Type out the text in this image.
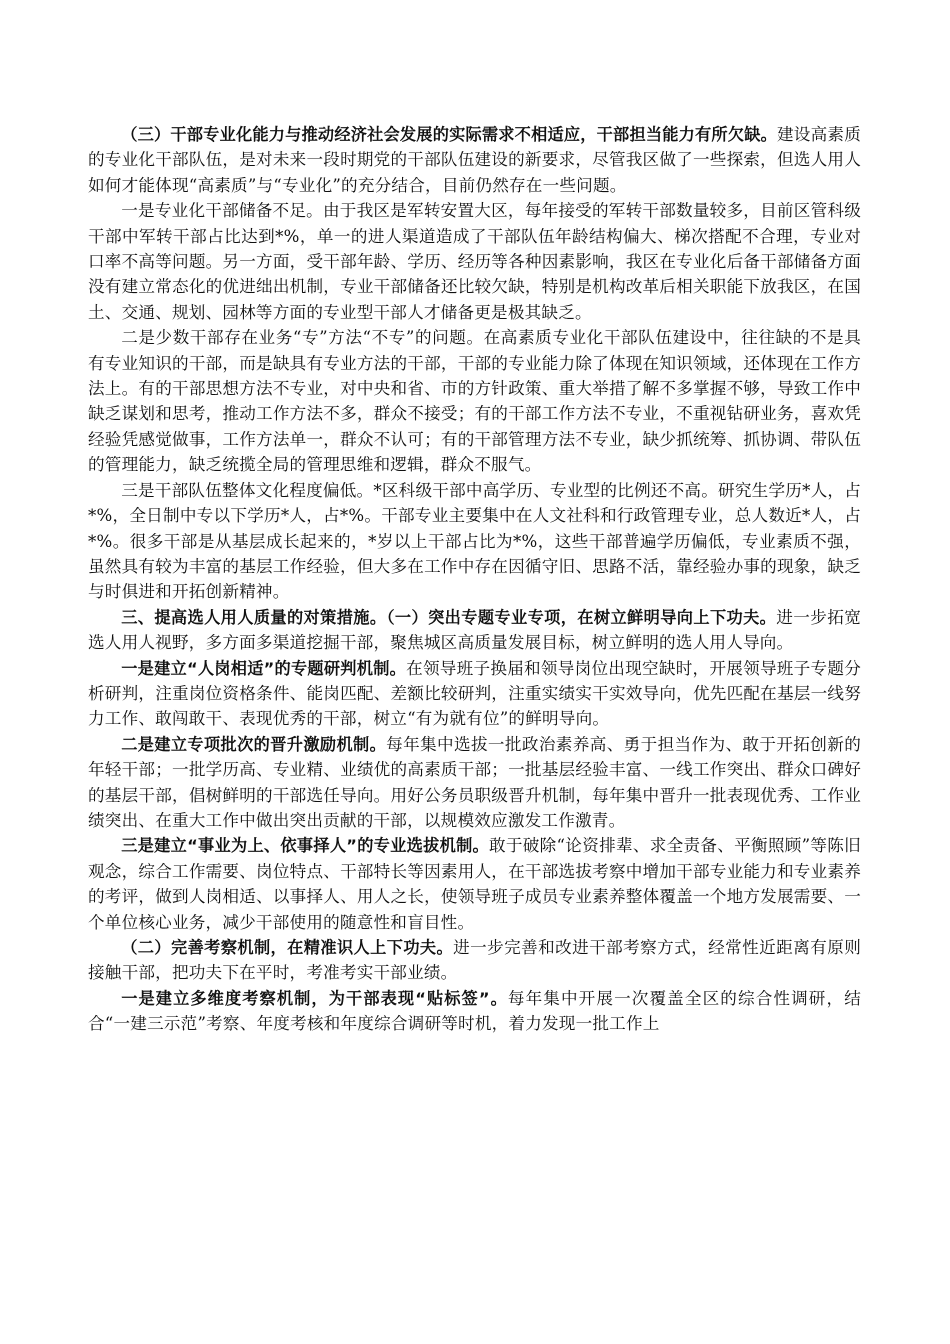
（三）干部专业化能力与推动经济社会发展的实际需求不相适应，干部担当能力有所欠缺。建设高素质的专业化干部队伍，是对未来一段时期党的干部队伍建设的新要求，尽管我区做了一些探索，但选人用人如何才能体现“高素质”与“专业化”的充分结合，目前仍然存在一些问题。

一是专业化干部储备不足。由于我区是军转安置大区，每年接受的军转干部数量较多，目前区管科级干部中军转干部占比达到*%，单一的进人渠道造成了干部队伍年龄结构偏大、梯次搭配不合理，专业对口率不高等问题。另一方面，受干部年龄、学历、经历等各种因素影响，我区在专业化后备干部储备方面没有建立常态化的优进绌出机制，专业干部储备还比较欠缺，特别是机构改革后相关职能下放我区，在国土、交通、规划、园林等方面的专业型干部人才储备更是极其缺乏。

二是少数干部存在业务“专”方法“不专”的问题。在高素质专业化干部队伍建设中，往往缺的不是具有专业知识的干部，而是缺具有专业方法的干部，干部的专业能力除了体现在知识领域，还体现在工作方法上。有的干部思想方法不专业，对中央和省、市的方针政策、重大举措了解不多掌握不够，导致工作中缺乏谋划和思考，推动工作方法不多，群众不接受；有的干部工作方法不专业，不重视钻研业务，喜欢凭经验凭感觉做事，工作方法单一，群众不认可；有的干部管理方法不专业，缺少抓统筹、抓协调、带队伍的管理能力，缺乏统揽全局的管理思维和逻辑，群众不服气。

三是干部队伍整体文化程度偏低。*区科级干部中高学历、专业型的比例还不高。研究生学历*人，占*%，全日制中专以下学历*人，占*%。干部专业主要集中在人文社科和行政管理专业，总人数近*人，占*%。很多干部是从基层成长起来的，*岁以上干部占比为*%，这些干部普遍学历偏低，专业素质不强，虽然具有较为丰富的基层工作经验，但大多在工作中存在因循守旧、思路不活，靠经验办事的现象，缺乏与时俱进和开拓创新精神。

三、提高选人用人质量的对策措施。（一）突出专题专业专项，在树立鲜明导向上下功夫。进一步拓宽选人用人视野，多方面多渠道挖掘干部，聚焦城区高质量发展目标，树立鲜明的选人用人导向。

一是建立“人岗相适”的专题研判机制。在领导班子换届和领导岗位出现空缺时，开展领导班子专题分析研判，注重岗位资格条件、能岗匹配、差额比较研判，注重实绩实干实效导向，优先匹配在基层一线努力工作、敢闯敢干、表现优秀的干部，树立“有为就有位”的鲜明导向。

二是建立专项批次的晋升激励机制。每年集中选拔一批政治素养高、勇于担当作为、敢于开拓创新的年轻干部；一批学历高、专业精、业绩优的高素质干部；一批基层经验丰富、一线工作突出、群众口碑好的基层干部，倡树鲜明的干部选任导向。用好公务员职级晋升机制，每年集中晋升一批表现优秀、工作业绩突出、在重大工作中做出突出贡献的干部，以规模效应激发工作激青。

三是建立“事业为上、依事择人”的专业选拔机制。敢于破除“论资排辈、求全责备、平衡照顾”等陈旧观念，综合工作需要、岗位特点、干部特长等因素用人，在干部选拔考察中增加干部专业能力和专业素养的考评，做到人岗相适、以事择人、用人之长，使领导班子成员专业素养整体覆盖一个地方发展需要、一个单位核心业务，减少干部使用的随意性和盲目性。

（二）完善考察机制，在精准识人上下功夫。进一步完善和改进干部考察方式，经常性近距离有原则接触干部，把功夫下在平时，考准考实干部业绩。

一是建立多维度考察机制，为干部表现“贴标签”。每年集中开展一次覆盖全区的综合性调研，结合“一建三示范”考察、年度考核和年度综合调研等时机，着力发现一批工作上
